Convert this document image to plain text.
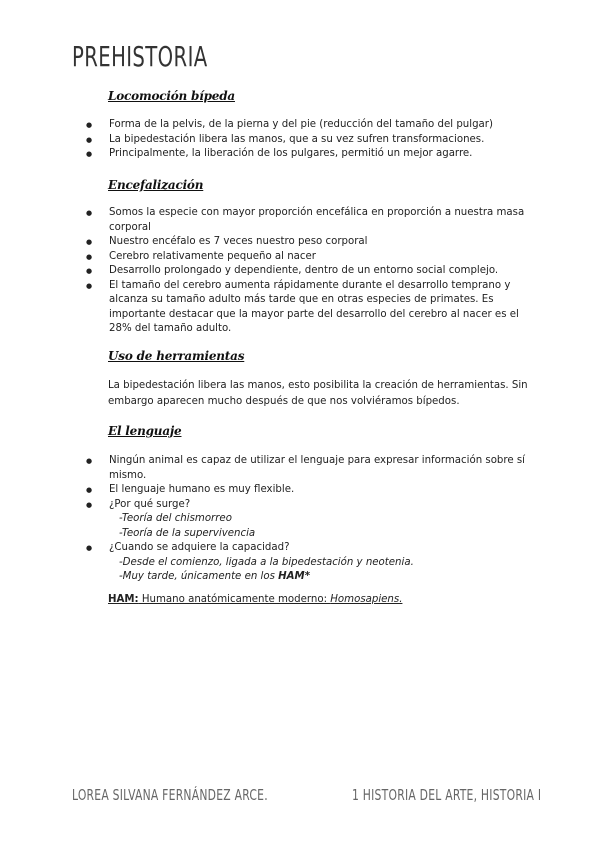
PREHISTORIA
Locomoción bípeda
● Forma de la pelvis, de la pierna y del pie (reducción del tamaño del pulgar)
● La bipedestación libera las manos, que a su vez sufren transformaciones.
● Principalmente, la liberación de los pulgares, permitió un mejor agarre.
Encefalización
● Somos la especie con mayor proporción encefálica en proporción a nuestra masa corporal
● Nuestro encéfalo es 7 veces nuestro peso corporal
● Cerebro relativamente pequeño al nacer
● Desarrollo prolongado y dependiente, dentro de un entorno social complejo.
● El tamaño del cerebro aumenta rápidamente durante el desarrollo temprano y alcanza su tamaño adulto más tarde que en otras especies de primates. Es importante destacar que la mayor parte del desarrollo del cerebro al nacer es el 28% del tamaño adulto.
Uso de herramientas
La bipedestación libera las manos, esto posibilita la creación de herramientas. Sin embargo aparecen mucho después de que nos volviéramos bípedos.
El lenguaje
● Ningún animal es capaz de utilizar el lenguaje para expresar información sobre sí mismo.
● El lenguaje humano es muy flexible.
● ¿Por qué surge?
-Teoría del chismorreo
-Teoría de la supervivencia
● ¿Cuando se adquiere la capacidad?
-Desde el comienzo, ligada a la bipedestación y neotenia.
-Muy tarde, únicamente en los HAM*
HAM: Humano anatómicamente moderno: Homosapiens.
LOREA SILVANA FERNÁNDEZ ARCE.	1 HISTORIA DEL ARTE, HISTORIA I
